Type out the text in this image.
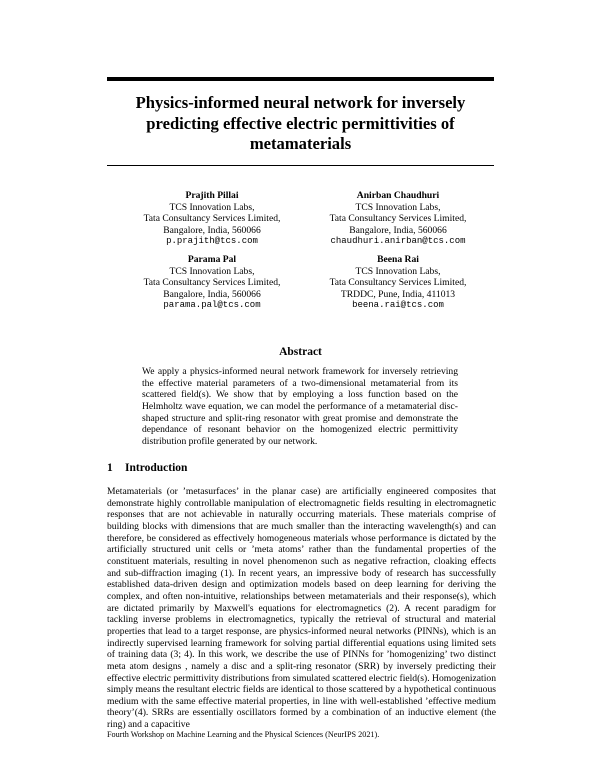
Physics-informed neural network for inversely predicting effective electric permittivities of metamaterials
Prajith Pillai
TCS Innovation Labs,
Tata Consultancy Services Limited,
Bangalore, India, 560066
p.prajith@tcs.com
Anirban Chaudhuri
TCS Innovation Labs,
Tata Consultancy Services Limited,
Bangalore, India, 560066
chaudhuri.anirban@tcs.com
Parama Pal
TCS Innovation Labs,
Tata Consultancy Services Limited,
Bangalore, India, 560066
parama.pal@tcs.com
Beena Rai
TCS Innovation Labs,
Tata Consultancy Services Limited,
TRDDC, Pune, India, 411013
beena.rai@tcs.com
Abstract
We apply a physics-informed neural network framework for inversely retrieving the effective material parameters of a two-dimensional metamaterial from its scattered field(s). We show that by employing a loss function based on the Helmholtz wave equation, we can model the performance of a metamaterial disc-shaped structure and split-ring resonator with great promise and demonstrate the dependance of resonant behavior on the homogenized electric permittivity distribution profile generated by our network.
1 Introduction
Metamaterials (or ’metasurfaces’ in the planar case) are artificially engineered composites that demonstrate highly controllable manipulation of electromagnetic fields resulting in electromagnetic responses that are not achievable in naturally occurring materials. These materials comprise of building blocks with dimensions that are much smaller than the interacting wavelength(s) and can therefore, be considered as effectively homogeneous materials whose performance is dictated by the artificially structured unit cells or ’meta atoms’ rather than the fundamental properties of the constituent materials, resulting in novel phenomenon such as negative refraction, cloaking effects and sub-diffraction imaging (1). In recent years, an impressive body of research has successfully established data-driven design and optimization models based on deep learning for deriving the complex, and often non-intuitive, relationships between metamaterials and their response(s), which are dictated primarily by Maxwell's equations for electromagnetics (2). A recent paradigm for tackling inverse problems in electromagnetics, typically the retrieval of structural and material properties that lead to a target response, are physics-informed neural networks (PINNs), which is an indirectly supervised learning framework for solving partial differential equations using limited sets of training data (3; 4). In this work, we describe the use of PINNs for ’homogenizing’ two distinct meta atom designs , namely a disc and a split-ring resonator (SRR) by inversely predicting their effective electric permittivity distributions from simulated scattered electric field(s). Homogenization simply means the resultant electric fields are identical to those scattered by a hypothetical continuous medium with the same effective material properties, in line with well-established ’effective medium theory’(4). SRRs are essentially oscillators formed by a combination of an inductive element (the ring) and a capacitive
Fourth Workshop on Machine Learning and the Physical Sciences (NeurIPS 2021).
